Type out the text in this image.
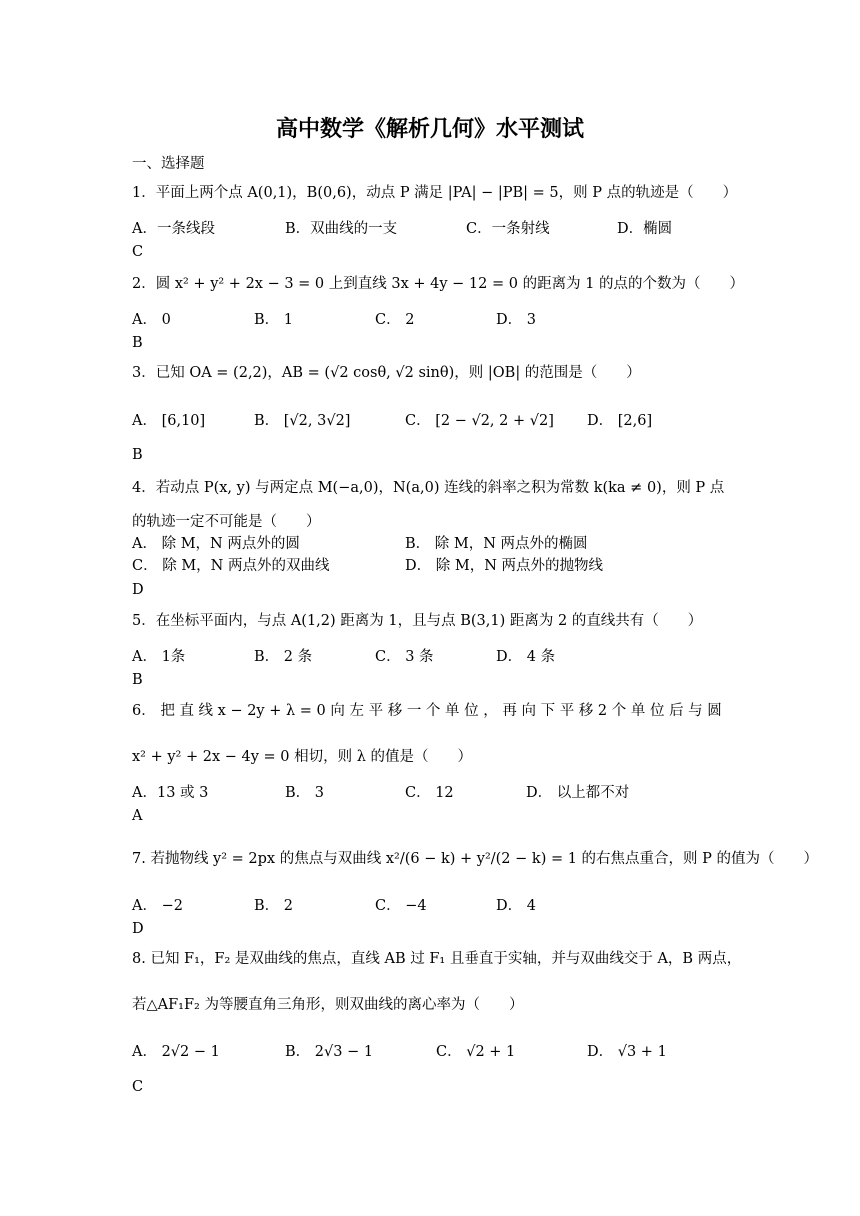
高中数学《解析几何》水平测试
一、选择题
1．平面上两个点 A(0,1)，B(0,6)，动点 P 满足 |PA| − |PB| = 5，则 P 点的轨迹是（　　）
A．一条线段	B．双曲线的一支	C．一条射线	D．椭圆
C
2．圆 x² + y² + 2x − 3 = 0 上到直线 3x + 4y − 12 = 0 的距离为 1 的点的个数为（　　）
A． 0	B． 1	C． 2	D． 3
B
3．已知 OA = (2,2)，AB = (√2 cosθ, √2 sinθ)，则 |OB| 的范围是（　　）
A． [6,10]	B． [√2, 3√2]	C． [2 − √2, 2 + √2] D． [2,6]
B
4．若动点 P(x, y) 与两定点 M(−a,0)，N(a,0) 连线的斜率之积为常数 k(ka ≠ 0)，则 P 点
的轨迹一定不可能是（　　）
A． 除 M，N 两点外的圆	B． 除 M，N 两点外的椭圆
C． 除 M，N 两点外的双曲线	D． 除 M，N 两点外的抛物线
D
5．在坐标平面内，与点 A(1,2) 距离为 1，且与点 B(3,1) 距离为 2 的直线共有（　　）
A． 1条	B． 2 条	C． 3 条	D． 4 条
B
6． 把 直 线 x − 2y + λ = 0 向 左 平 移 一 个 单 位 ， 再 向 下 平 移 2 个 单 位 后 与 圆
x² + y² + 2x − 4y = 0 相切，则 λ 的值是（　　）
A．13 或 3	B． 3	C． 12	D． 以上都不对
A
7. 若抛物线 y² = 2px 的焦点与双曲线 x²/(6 − k) + y²/(2 − k) = 1 的右焦点重合，则 P 的值为（　　）
A． −2	B． 2	C． −4	D． 4
D
8. 已知 F₁，F₂ 是双曲线的焦点，直线 AB 过 F₁ 且垂直于实轴，并与双曲线交于 A，B 两点，
若△AF₁F₂ 为等腰直角三角形，则双曲线的离心率为（　　）
A． 2√2 − 1	B． 2√3 − 1	C． √2 + 1	D． √3 + 1
C
